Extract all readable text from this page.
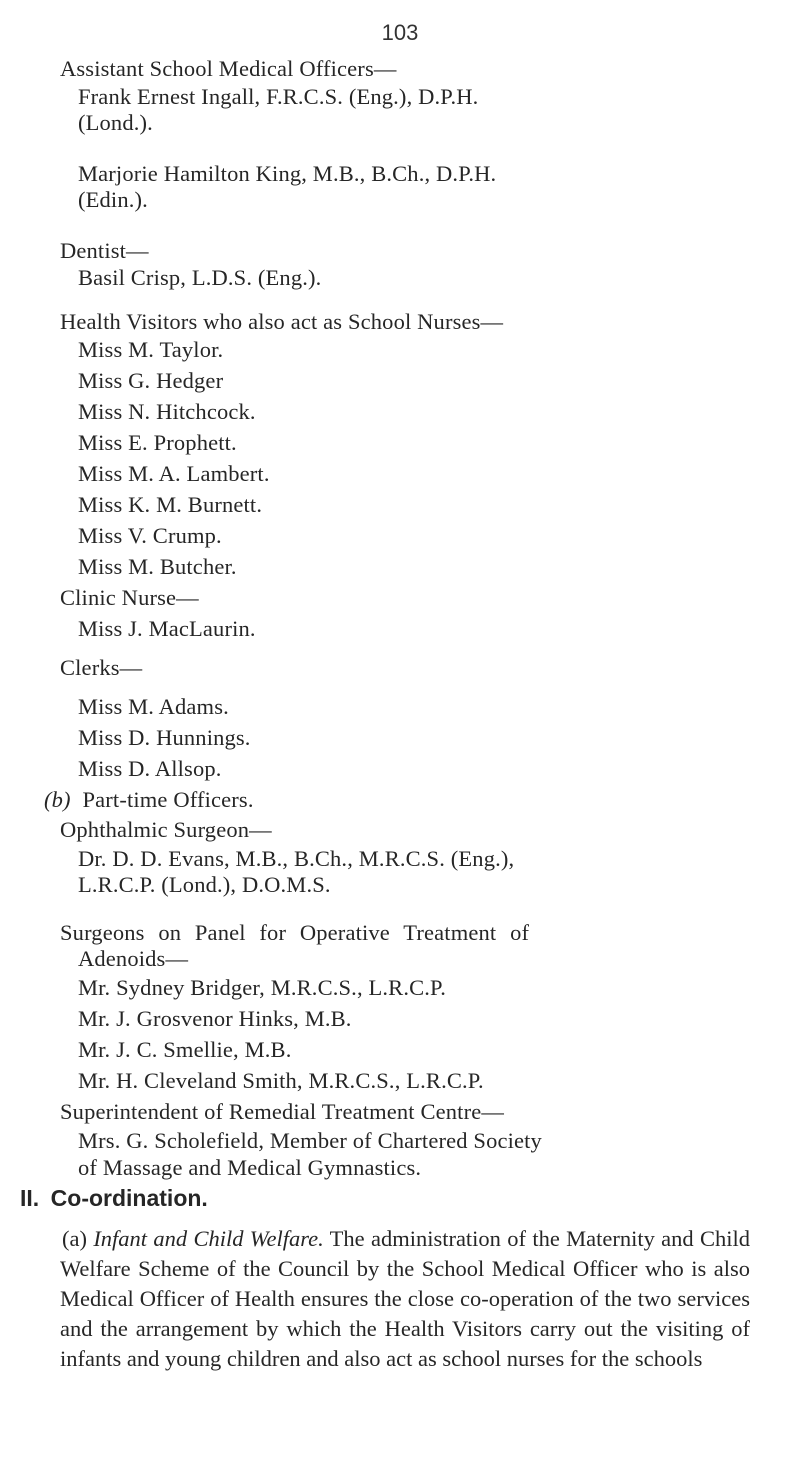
103
Assistant School Medical Officers—
Frank Ernest Ingall, F.R.C.S. (Eng.), D.P.H.
(Lond.).
Marjorie Hamilton King, M.B., B.Ch., D.P.H.
(Edin.).
Dentist—
Basil Crisp, L.D.S. (Eng.).
Health Visitors who also act as School Nurses—
Miss M. Taylor.
Miss G. Hedger
Miss N. Hitchcock.
Miss E. Prophett.
Miss M. A. Lambert.
Miss K. M. Burnett.
Miss V. Crump.
Miss M. Butcher.
Clinic Nurse—
Miss J. MacLaurin.
Clerks—
Miss M. Adams.
Miss D. Hunnings.
Miss D. Allsop.
(b) Part-time Officers.
Ophthalmic Surgeon—
Dr. D. D. Evans, M.B., B.Ch., M.R.C.S. (Eng.),
L.R.C.P. (Lond.), D.O.M.S.
Surgeons on Panel for Operative Treatment of
Adenoids—
Mr. Sydney Bridger, M.R.C.S., L.R.C.P.
Mr. J. Grosvenor Hinks, M.B.
Mr. J. C. Smellie, M.B.
Mr. H. Cleveland Smith, M.R.C.S., L.R.C.P.
Superintendent of Remedial Treatment Centre—
Mrs. G. Scholefield, Member of Chartered Society
of Massage and Medical Gymnastics.
II. Co-ordination.
(a) Infant and Child Welfare. The administration of the Maternity and Child Welfare Scheme of the Council by the School Medical Officer who is also Medical Officer of Health ensures the close co-operation of the two services and the arrangement by which the Health Visitors carry out the visiting of infants and young children and also act as school nurses for the schools
